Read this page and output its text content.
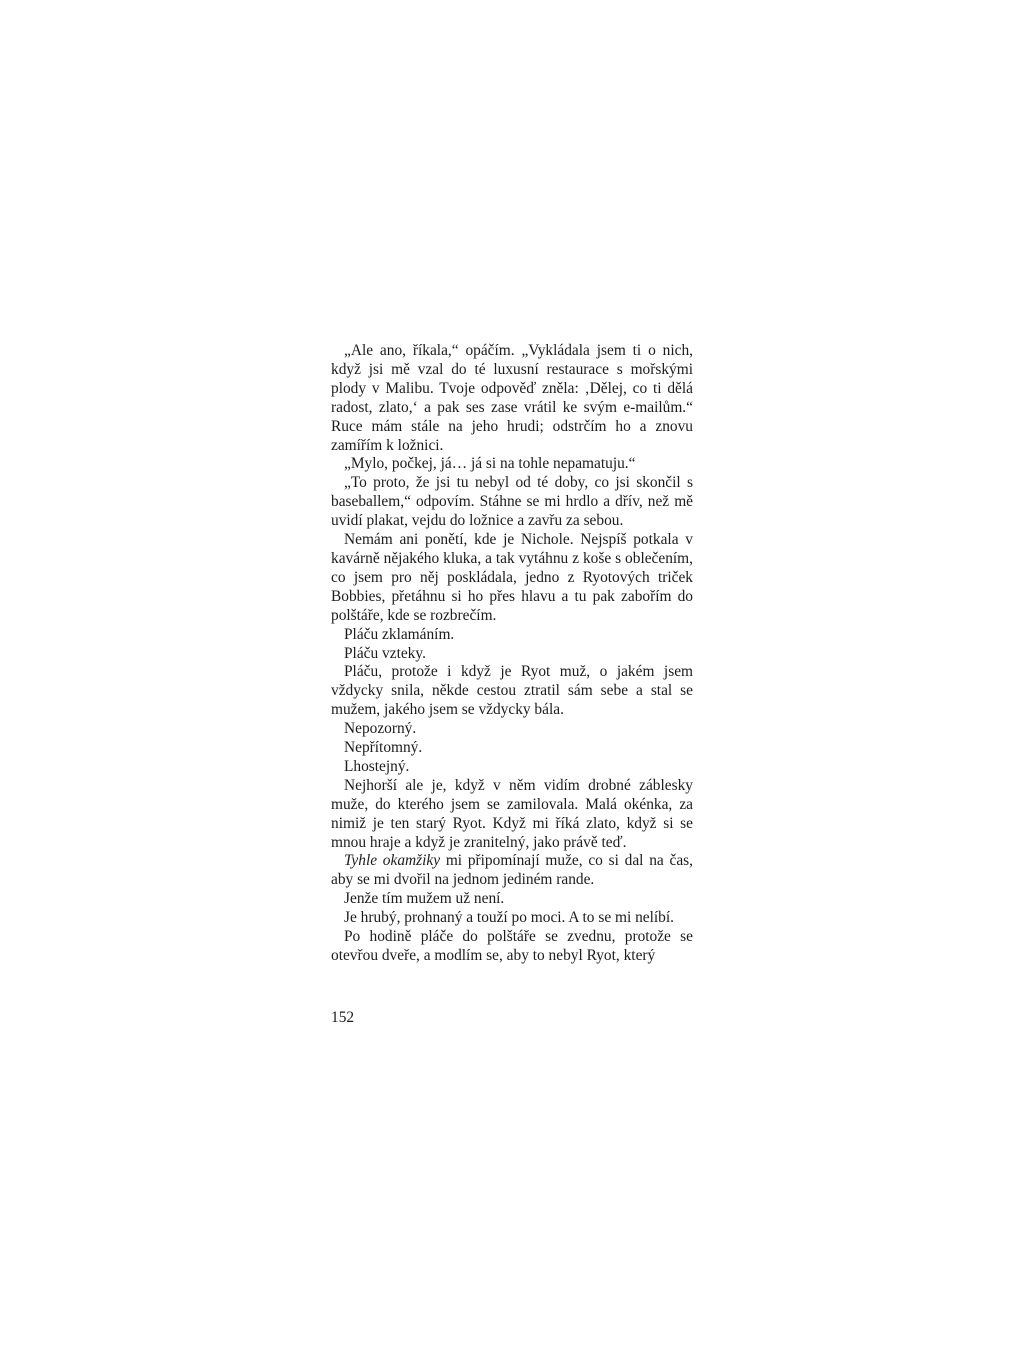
„Ale ano, říkala,“ opáčím. „Vykládala jsem ti o nich, když jsi mě vzal do té luxusní restaurace s mořskými plody v Malibu. Tvoje odpověď zněla: ‚Dělej, co ti dělá radost, zlato,‘ a pak ses zase vrátil ke svým e-mailům.“ Ruce mám stále na jeho hrudi; odstrčím ho a znovu zamířím k ložnici.

„Mylo, počkej, já… já si na tohle nepamatuju.“

„To proto, že jsi tu nebyl od té doby, co jsi skončil s baseballem,“ odpovím. Stáhne se mi hrdlo a dřív, než mě uvidí plakat, vejdu do ložnice a zavřu za sebou.

Nemám ani ponětí, kde je Nichole. Nejspíš potkala v kavárně nějakého kluka, a tak vytáhnu z koše s oblečením, co jsem pro něj poskládala, jedno z Ryotových triček Bobbies, přetáhnu si ho přes hlavu a tu pak zabořím do polštáře, kde se rozbrečím.

Pláču zklamáním.

Pláču vzteky.

Pláču, protože i když je Ryot muž, o jakém jsem vždycky snila, někde cestou ztratil sám sebe a stal se mužem, jakého jsem se vždycky bála.

Nepozorný.

Nepřítomný.

Lhostejný.

Nejhorší ale je, když v něm vidím drobné záblesky muže, do kterého jsem se zamilovala. Malá okénka, za nimiž je ten starý Ryot. Když mi říká zlato, když si se mnou hraje a když je zranitelný, jako právě teď.

Tyhle okamžiky mi připomínají muže, co si dal na čas, aby se mi dvořil na jednom jediném rande.

Jenže tím mužem už není.

Je hrubý, prohnaný a touží po moci. A to se mi nelíbí.

Po hodině pláče do polštáře se zvednu, protože se otevřou dveře, a modlím se, aby to nebyl Ryot, který

152
